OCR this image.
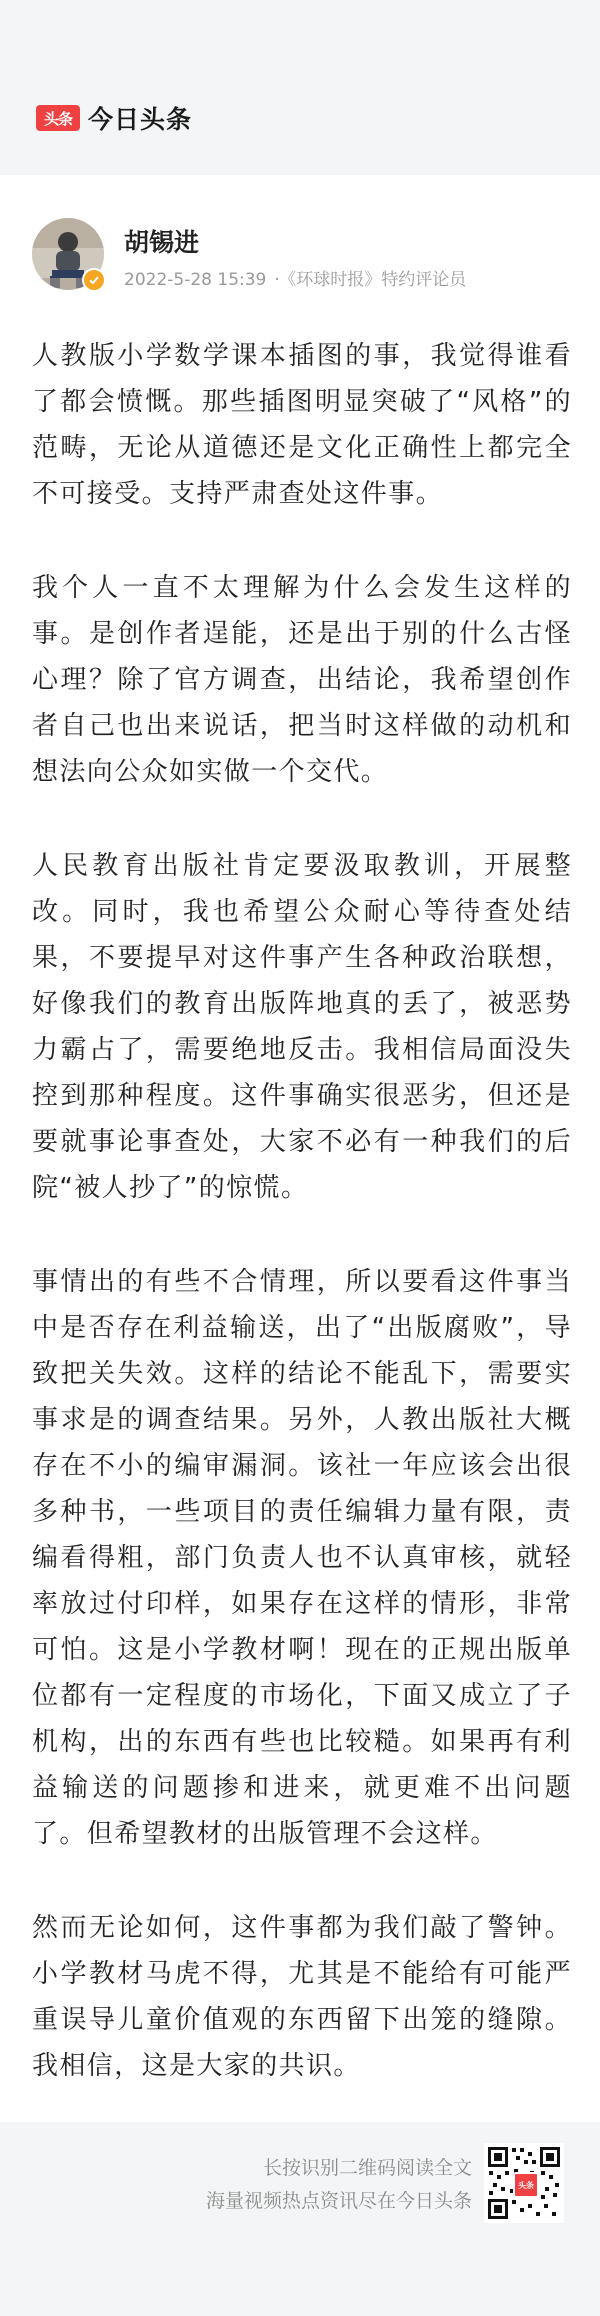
头条 今日头条
胡锡进
2022-5-28 15:39 · 《环球时报》特约评论员

人教版小学数学课本插图的事，我觉得谁看了都会愤慨。那些插图明显突破了“风格”的范畴，无论从道德还是文化正确性上都完全不可接受。支持严肃查处这件事。

我个人一直不太理解为什么会发生这样的事。是创作者逞能，还是出于别的什么古怪心理？除了官方调查，出结论，我希望创作者自己也出来说话，把当时这样做的动机和想法向公众如实做一个交代。

人民教育出版社肯定要汲取教训，开展整改。同时，我也希望公众耐心等待查处结果，不要提早对这件事产生各种政治联想，好像我们的教育出版阵地真的丢了，被恶势力霸占了，需要绝地反击。我相信局面没失控到那种程度。这件事确实很恶劣，但还是要就事论事查处，大家不必有一种我们的后院“被人抄了”的惊慌。

事情出的有些不合情理，所以要看这件事当中是否存在利益输送，出了“出版腐败”，导致把关失效。这样的结论不能乱下，需要实事求是的调查结果。另外，人教出版社大概存在不小的编审漏洞。该社一年应该会出很多种书，一些项目的责任编辑力量有限，责编看得粗，部门负责人也不认真审核，就轻率放过付印样，如果存在这样的情形，非常可怕。这是小学教材啊！现在的正规出版单位都有一定程度的市场化，下面又成立了子机构，出的东西有些也比较糙。如果再有利益输送的问题掺和进来，就更难不出问题了。但希望教材的出版管理不会这样。

然而无论如何，这件事都为我们敲了警钟。小学教材马虎不得，尤其是不能给有可能严重误导儿童价值观的东西留下出笼的缝隙。我相信，这是大家的共识。

长按识别二维码阅读全文
海量视频热点资讯尽在今日头条
头条
